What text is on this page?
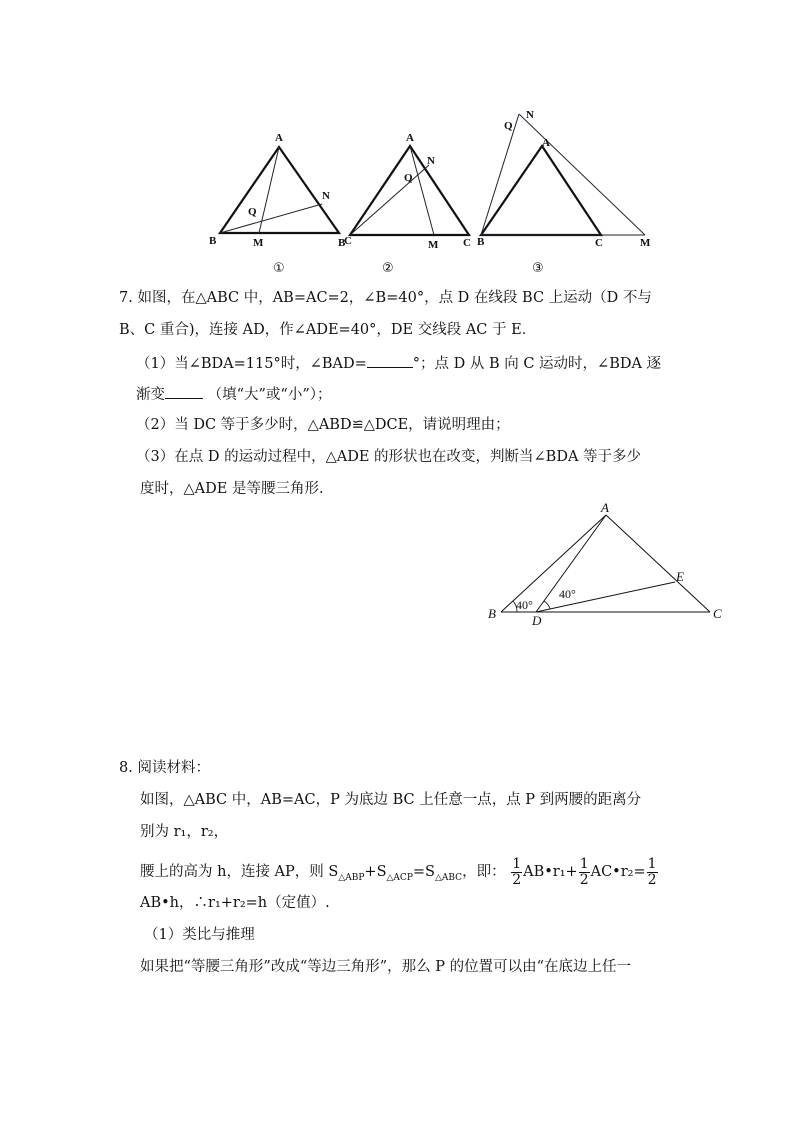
A
B	C
M
N
Q
①
A
B	C
M
N
Q
②
A
B	C	M
N
Q
③
7. 如图，在△ABC 中，AB=AC=2，∠B=40°，点 D 在线段 BC 上运动（D 不与
B、C 重合)，连接 AD，作∠ADE=40°，DE 交线段 AC 于 E．
（1）当∠BDA=115°时，∠BAD=	°；点 D 从 B 向 C 运动时，∠BDA 逐
渐变	（填“大”或“小”）；
（2）当 DC 等于多少时，△ABD≌△DCE，请说明理由；
（3）在点 D 的运动过程中，△ADE 的形状也在改变，判断当∠BDA 等于多少
度时，△ADE 是等腰三角形.
A
B	C
D
E
40°
40°
8. 阅读材料：
如图，△ABC 中，AB=AC，P 为底边 BC 上任意一点，点 P 到两腰的距离分
别为 r₁，r₂，
腰上的高为 h，连接 AP，则 $S_{\triangle ABP}+S_{\triangle ACP}=S_{\triangle ABC}$，即： $\frac{1}{2}$ AB•r₁+ $\frac{1}{2}$ AC•r₂= $\frac{1}{2}$
AB•h，∴r₁+r₂=h（定值）.
（1）类比与推理
如果把“等腰三角形”改成“等边三角形”，那么 P 的位置可以由“在底边上任一
